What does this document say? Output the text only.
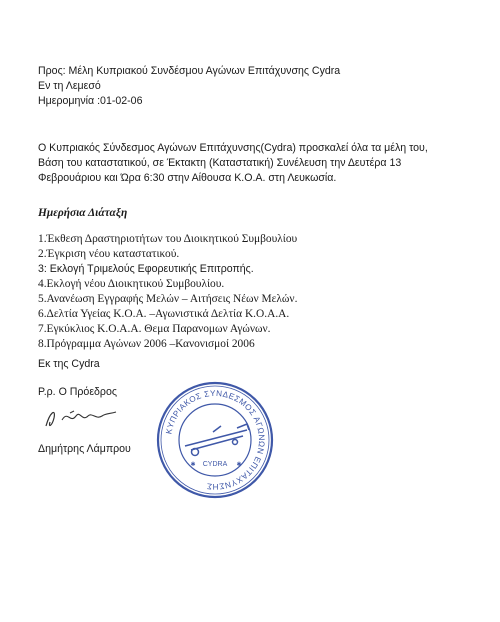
Προς: Μέλη Κυπριακού Συνδέσμου Αγώνων Επιτάχυνσης Cydra
Εν τη Λεμεσό
Ημερομηνία :01-02-06
Ο Κυπριακός Σύνδεσμος Αγώνων Επιτάχυνσης(Cydra) προσκαλεί όλα τα μέλη του,
Βάση του καταστατικού, σε Έκτακτη (Καταστατική) Συνέλευση την Δευτέρα 13
Φεβρουάριου και Ώρα 6:30 στην Αίθουσα Κ.Ο.Α. στη Λευκωσία.
Ημερήσια Διάταξη
1.Έκθεση Δραστηριοτήτων του Διοικητικού Συμβουλίου
2.Έγκριση νέου καταστατικού.
3: Εκλογή Τριμελούς Εφορευτικής Επιτροπής.
4.Εκλογή νέου Διοικητικού Συμβουλίου.
5.Ανανέωση Εγγραφής Μελών – Αιτήσεις Νέων Μελών.
6.Δελτία Υγείας Κ.Ο.Α. –Αγωνιστικά Δελτία Κ.Ο.Α.Α.
7.Εγκύκλιος Κ.Ο.Α.Α. Θεμα Παρανομων Αγώνων.
8.Πρόγραμμα Αγώνων 2006 –Κανονισμοί 2006
Εκ της Cydra
Ρ.ρ. Ο Πρόεδρος
Δημήτρης Λάμπρου
ΚΥΠΡΙΑΚΟΣ ΣΥΝΔΕΣΜΟΣ ΑΓΩΝΩΝ ΕΠΙΤΑΧΥΝΣΗΣ
CYDRA
✱	✱
